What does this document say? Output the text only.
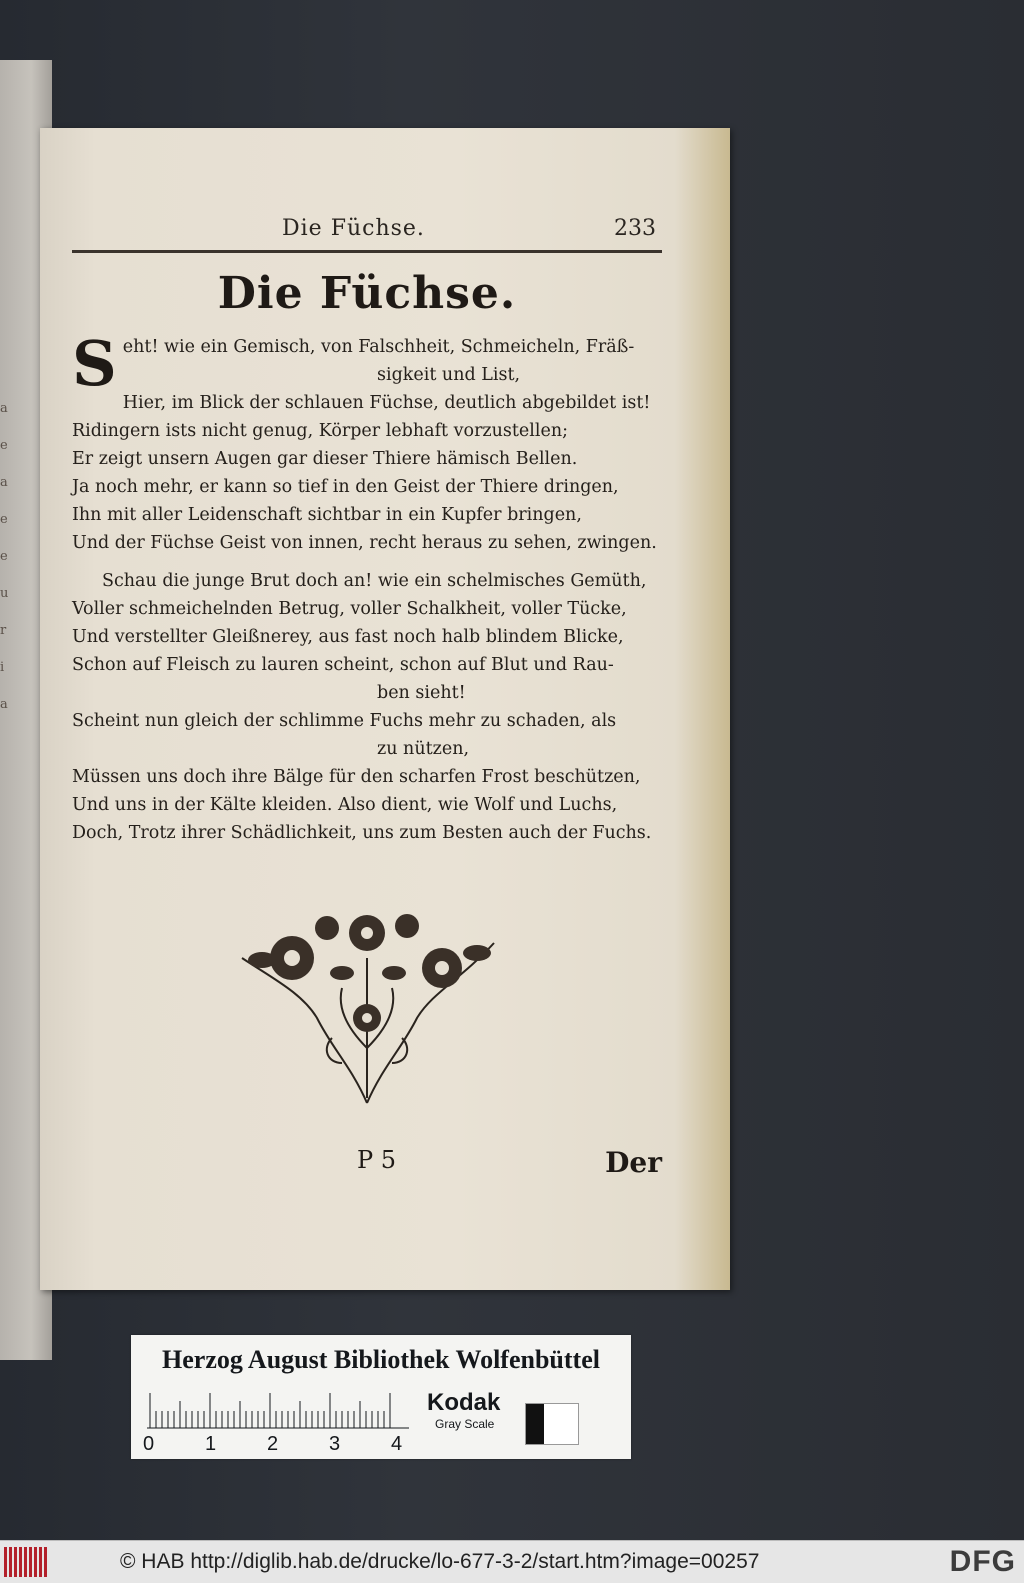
a
e
a
e
e
u
r
i
a
Die Füchse.	233
Die Füchse.
S eht! wie ein Gemisch, von Falschheit, Schmeicheln, Fräß-
sigkeit und List,
Hier, im Blick der schlauen Füchse, deutlich abgebildet ist!
Ridingern ists nicht genug, Körper lebhaft vorzustellen;
Er zeigt unsern Augen gar dieser Thiere hämisch Bellen.
Ja noch mehr, er kann so tief in den Geist der Thiere dringen,
Ihn mit aller Leidenschaft sichtbar in ein Kupfer bringen,
Und der Füchse Geist von innen, recht heraus zu sehen, zwingen.
Schau die junge Brut doch an! wie ein schelmisches Gemüth,
Voller schmeichelnden Betrug, voller Schalkheit, voller Tücke,
Und verstellter Gleißnerey, aus fast noch halb blindem Blicke,
Schon auf Fleisch zu lauren scheint, schon auf Blut und Rau-
ben sieht!
Scheint nun gleich der schlimme Fuchs mehr zu schaden, als
zu nützen,
Müssen uns doch ihre Bälge für den scharfen Frost beschützen,
Und uns in der Kälte kleiden. Also dient, wie Wolf und Luchs,
Doch, Trotz ihrer Schädlichkeit, uns zum Besten auch der Fuchs.
P 5	Der
Herzog August Bibliothek Wolfenbüttel
0	1	2	3	4
Kodak
Gray Scale
© HAB http://diglib.hab.de/drucke/lo-677-3-2/start.htm?image=00257	DFG
